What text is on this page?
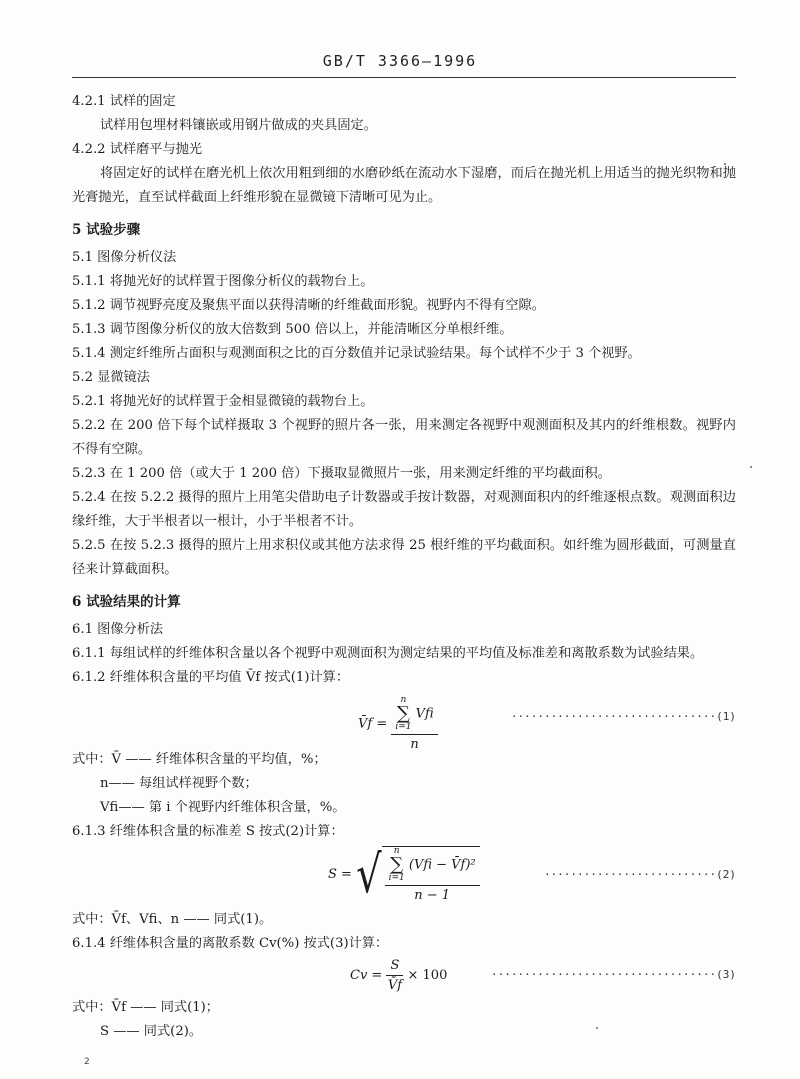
GB/T 3366—1996

4.2.1 试样的固定

试样用包埋材料镶嵌或用钢片做成的夹具固定。

4.2.2 试样磨平与抛光

将固定好的试样在磨光机上依次用粗到细的水磨砂纸在流动水下湿磨，而后在抛光机上用适当的抛光织物和抛光膏抛光，直至试样截面上纤维形貌在显微镜下清晰可见为止。

5 试验步骤

5.1 图像分析仪法

5.1.1 将抛光好的试样置于图像分析仪的载物台上。

5.1.2 调节视野亮度及聚焦平面以获得清晰的纤维截面形貌。视野内不得有空隙。

5.1.3 调节图像分析仪的放大倍数到 500 倍以上，并能清晰区分单根纤维。

5.1.4 测定纤维所占面积与观测面积之比的百分数值并记录试验结果。每个试样不少于 3 个视野。

5.2 显微镜法

5.2.1 将抛光好的试样置于金相显微镜的载物台上。

5.2.2 在 200 倍下每个试样摄取 3 个视野的照片各一张，用来测定各视野中观测面积及其内的纤维根数。视野内不得有空隙。

5.2.3 在 1 200 倍（或大于 1 200 倍）下摄取显微照片一张，用来测定纤维的平均截面积。

5.2.4 在按 5.2.2 摄得的照片上用笔尖借助电子计数器或手按计数器，对观测面积内的纤维逐根点数。观测面积边缘纤维，大于半根者以一根计，小于半根者不计。

5.2.5 在按 5.2.3 摄得的照片上用求积仪或其他方法求得 25 根纤维的平均截面积。如纤维为圆形截面，可测量直径来计算截面积。

6 试验结果的计算

6.1 图像分析法

6.1.1 每组试样的纤维体积含量以各个视野中观测面积为测定结果的平均值及标准差和离散系数为试验结果。

6.1.2 纤维体积含量的平均值 V̄f 按式(1)计算：

V̄f = n
∑
i=1
Vfi
n	·······························(1)

式中：V̄ —— 纤维体积含量的平均值，%；

n—— 每组试样视野个数；

Vfi—— 第 i 个视野内纤维体积含量，%。

6.1.3 纤维体积含量的标准差 S 按式(2)计算：

S = √ n
∑
i=1
(Vfi − V̄f)²
n − 1
··························(2)

式中：V̄f、Vfi、n —— 同式(1)。

6.1.4 纤维体积含量的离散系数 Cv(%) 按式(3)计算：

$Cv = \frac{S}{V̄f} \times 100$	··································(3)

式中：V̄f —— 同式(1)；

S —— 同式(2)。

2
